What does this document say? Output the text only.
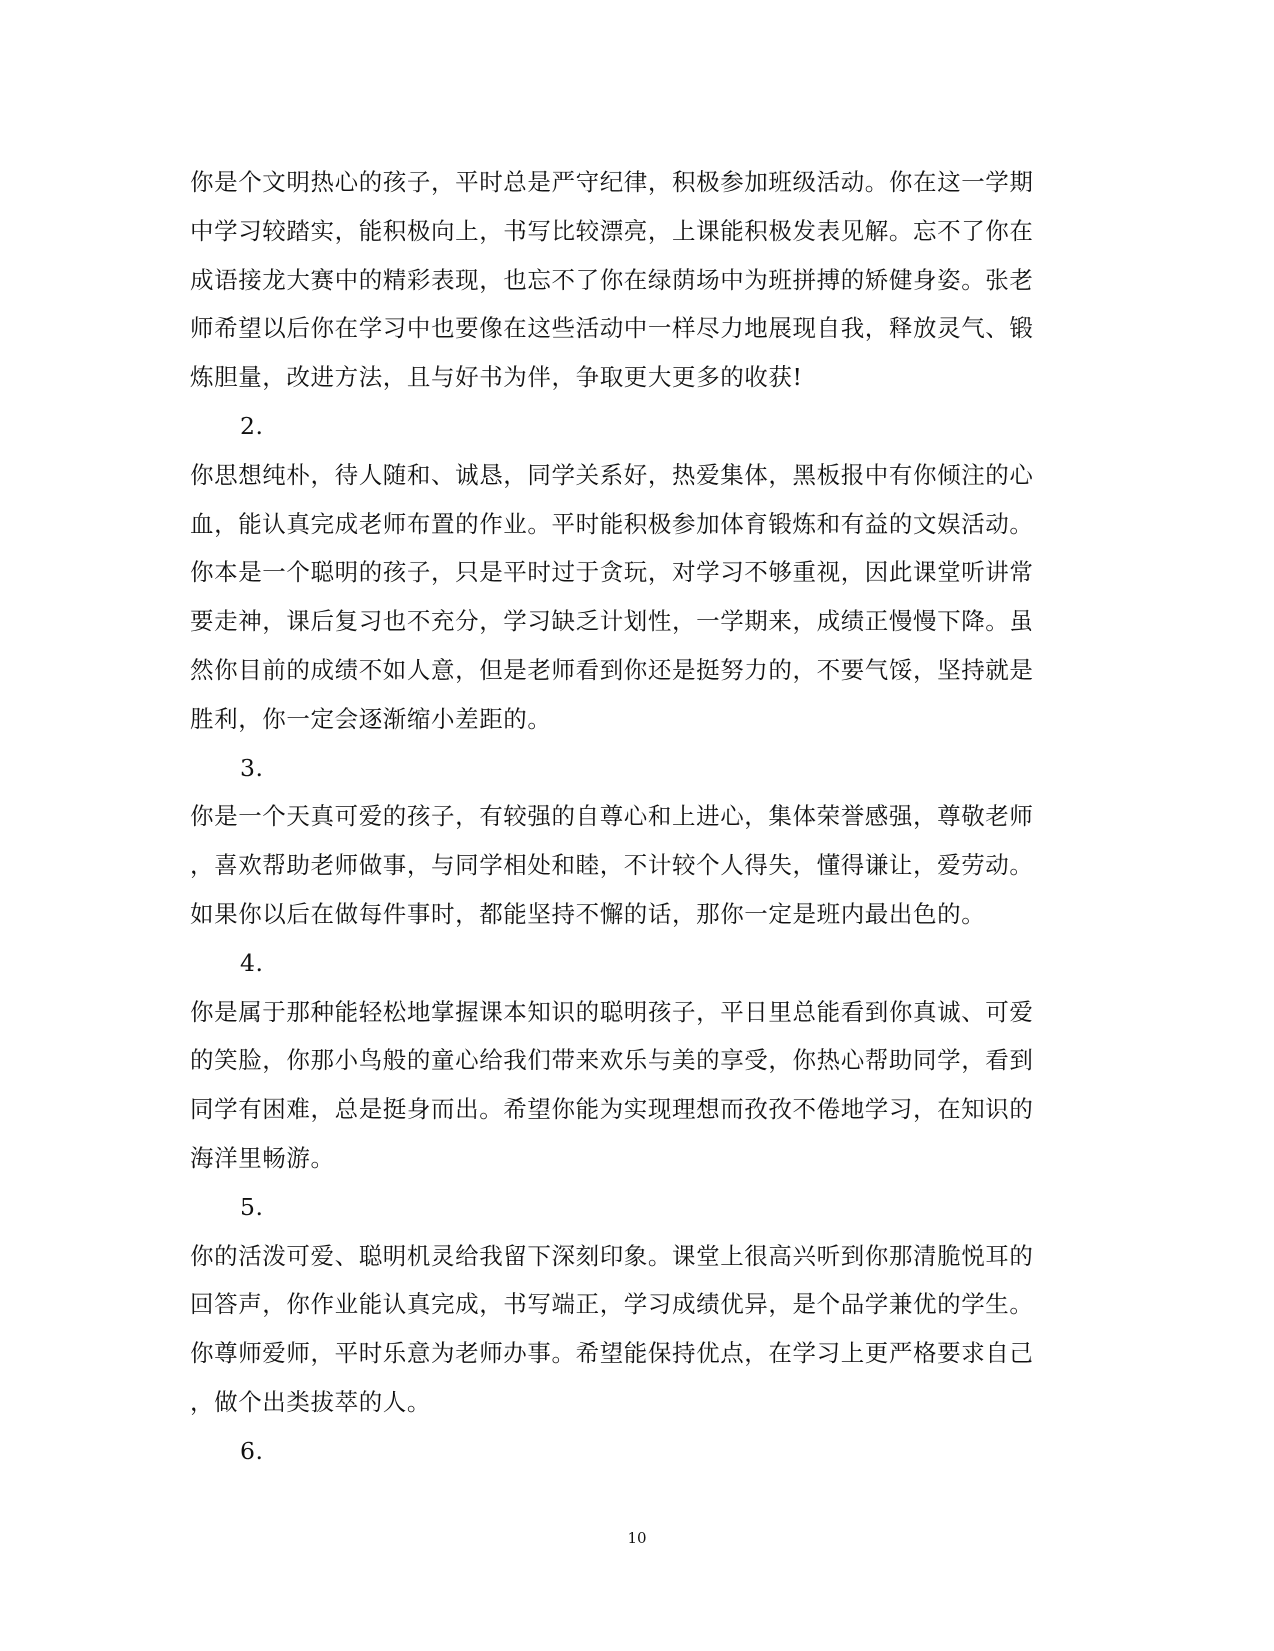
你是个文明热心的孩子，平时总是严守纪律，积极参加班级活动。你在这一学期
中学习较踏实，能积极向上，书写比较漂亮，上课能积极发表见解。忘不了你在
成语接龙大赛中的精彩表现，也忘不了你在绿荫场中为班拼搏的矫健身姿。张老
师希望以后你在学习中也要像在这些活动中一样尽力地展现自我，释放灵气、锻
炼胆量，改进方法，且与好书为伴，争取更大更多的收获!
2.
你思想纯朴，待人随和、诚恳，同学关系好，热爱集体，黑板报中有你倾注的心
血，能认真完成老师布置的作业。平时能积极参加体育锻炼和有益的文娱活动。
你本是一个聪明的孩子，只是平时过于贪玩，对学习不够重视，因此课堂听讲常
要走神，课后复习也不充分，学习缺乏计划性，一学期来，成绩正慢慢下降。虽
然你目前的成绩不如人意，但是老师看到你还是挺努力的，不要气馁，坚持就是
胜利，你一定会逐渐缩小差距的。
3.
你是一个天真可爱的孩子，有较强的自尊心和上进心，集体荣誉感强，尊敬老师
，喜欢帮助老师做事，与同学相处和睦，不计较个人得失，懂得谦让，爱劳动。
如果你以后在做每件事时，都能坚持不懈的话，那你一定是班内最出色的。
4.
你是属于那种能轻松地掌握课本知识的聪明孩子，平日里总能看到你真诚、可爱
的笑脸，你那小鸟般的童心给我们带来欢乐与美的享受，你热心帮助同学，看到
同学有困难，总是挺身而出。希望你能为实现理想而孜孜不倦地学习，在知识的
海洋里畅游。
5.
你的活泼可爱、聪明机灵给我留下深刻印象。课堂上很高兴听到你那清脆悦耳的
回答声，你作业能认真完成，书写端正，学习成绩优异，是个品学兼优的学生。
你尊师爱师，平时乐意为老师办事。希望能保持优点，在学习上更严格要求自己
，做个出类拔萃的人。
6.
10
